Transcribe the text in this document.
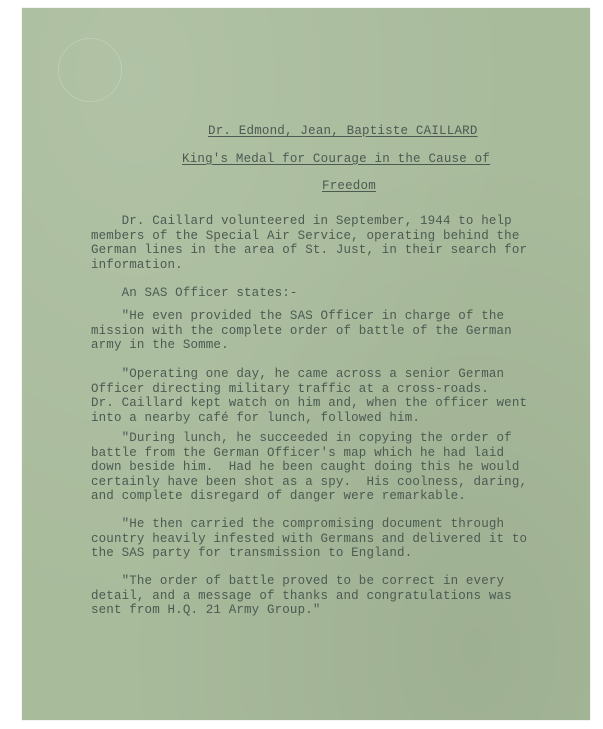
Dr. Edmond, Jean, Baptiste CAILLARD
King's Medal for Courage in the Cause of
Freedom

Dr. Caillard volunteered in September, 1944 to help
members of the Special Air Service, operating behind the
German lines in the area of St. Just, in their search for
information.

An SAS Officer states:-

"He even provided the SAS Officer in charge of the
mission with the complete order of battle of the German
army in the Somme.

"Operating one day, he came across a senior German
Officer directing military traffic at a cross-roads.
Dr. Caillard kept watch on him and, when the officer went
into a nearby café for lunch, followed him.

"During lunch, he succeeded in copying the order of
battle from the German Officer's map which he had laid
down beside him.  Had he been caught doing this he would
certainly have been shot as a spy.  His coolness, daring,
and complete disregard of danger were remarkable.

"He then carried the compromising document through
country heavily infested with Germans and delivered it to
the SAS party for transmission to England.

"The order of battle proved to be correct in every
detail, and a message of thanks and congratulations was
sent from H.Q. 21 Army Group."
